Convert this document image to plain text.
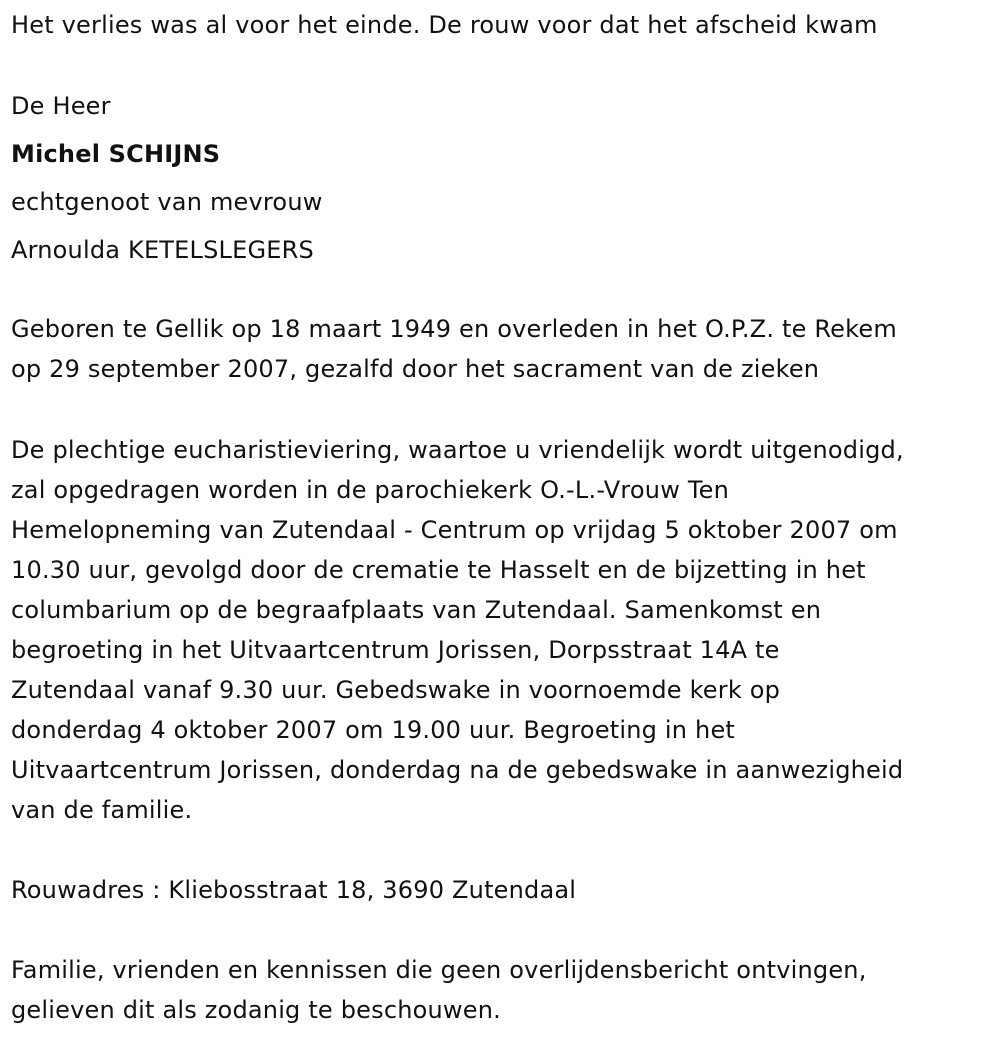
Het verlies was al voor het einde. De rouw voor dat het afscheid kwam
De Heer
Michel SCHIJNS
echtgenoot van mevrouw
Arnoulda KETELSLEGERS
Geboren te Gellik op 18 maart 1949 en overleden in het O.P.Z. te Rekem
op 29 september 2007, gezalfd door het sacrament van de zieken
De plechtige eucharistieviering, waartoe u vriendelijk wordt uitgenodigd,
zal opgedragen worden in de parochiekerk O.-L.-Vrouw Ten
Hemelopneming van Zutendaal - Centrum op vrijdag 5 oktober 2007 om
10.30 uur, gevolgd door de crematie te Hasselt en de bijzetting in het
columbarium op de begraafplaats van Zutendaal. Samenkomst en
begroeting in het Uitvaartcentrum Jorissen, Dorpsstraat 14A te
Zutendaal vanaf 9.30 uur. Gebedswake in voornoemde kerk op
donderdag 4 oktober 2007 om 19.00 uur. Begroeting in het
Uitvaartcentrum Jorissen, donderdag na de gebedswake in aanwezigheid
van de familie.
Rouwadres : Kliebosstraat 18, 3690 Zutendaal
Familie, vrienden en kennissen die geen overlijdensbericht ontvingen,
gelieven dit als zodanig te beschouwen.
